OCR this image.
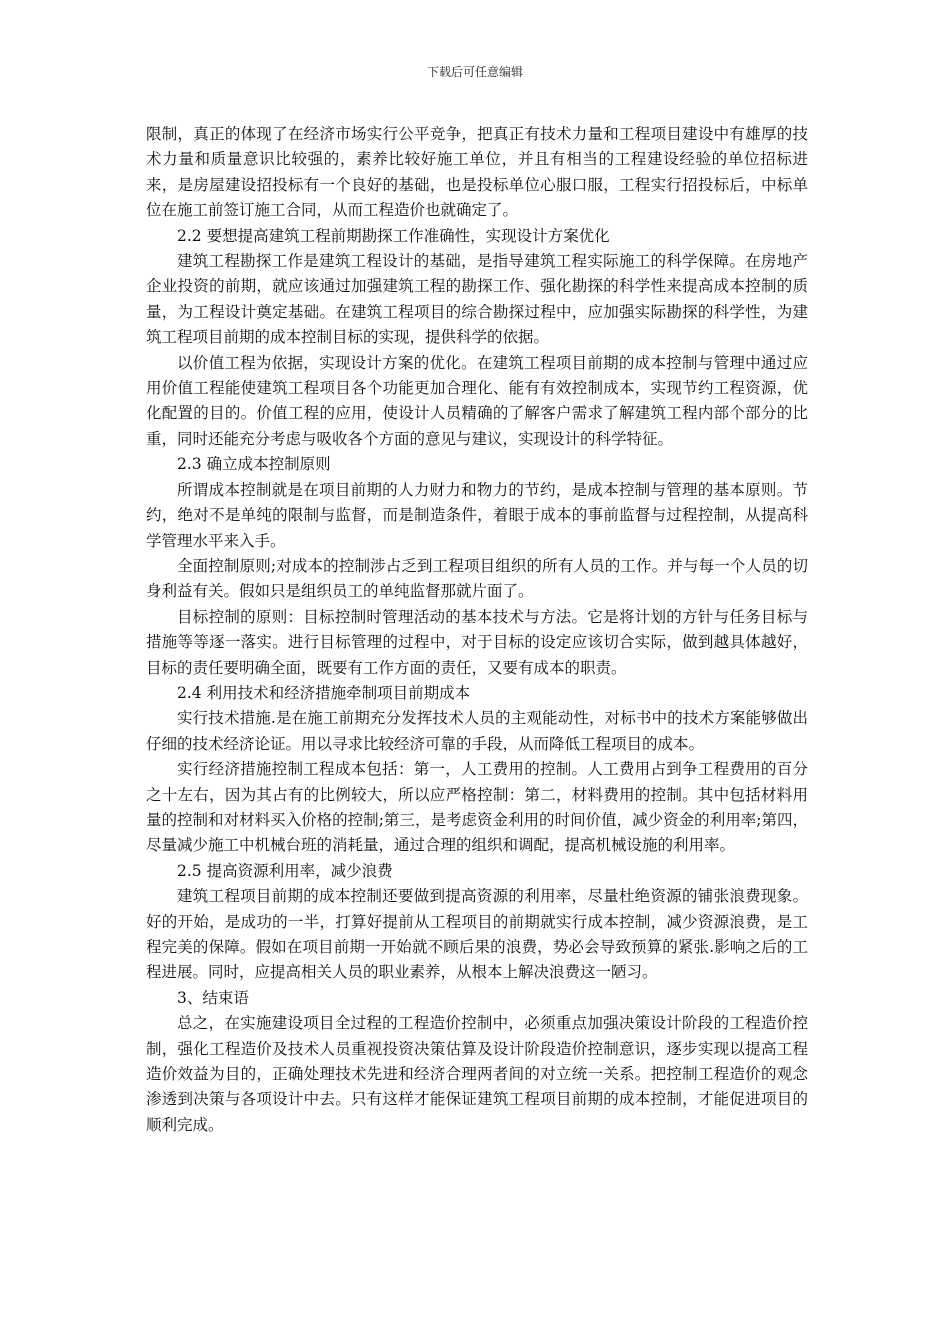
下载后可任意编辑

限制，真正的体现了在经济市场实行公平竞争，把真正有技术力量和工程项目建设中有雄厚的技术力量和质量意识比较强的，素养比较好施工单位，并且有相当的工程建设经验的单位招标进来，是房屋建设招投标有一个良好的基础，也是投标单位心服口服，工程实行招投标后，中标单位在施工前签订施工合同，从而工程造价也就确定了。

2.2 要想提高建筑工程前期勘探工作准确性，实现设计方案优化

建筑工程勘探工作是建筑工程设计的基础，是指导建筑工程实际施工的科学保障。在房地产企业投资的前期，就应该通过加强建筑工程的勘探工作、强化勘探的科学性来提高成本控制的质量，为工程设计奠定基础。在建筑工程项目的综合勘探过程中，应加强实际勘探的科学性，为建筑工程项目前期的成本控制目标的实现，提供科学的依据。

以价值工程为依据，实现设计方案的优化。在建筑工程项目前期的成本控制与管理中通过应用价值工程能使建筑工程项目各个功能更加合理化、能有有效控制成本，实现节约工程资源，优化配置的目的。价值工程的应用，使设计人员精确的了解客户需求了解建筑工程内部个部分的比重，同时还能充分考虑与吸收各个方面的意见与建议，实现设计的科学特征。

2.3 确立成本控制原则

所谓成本控制就是在项目前期的人力财力和物力的节约，是成本控制与管理的基本原则。节约，绝对不是单纯的限制与监督，而是制造条件，着眼于成本的事前监督与过程控制，从提高科学管理水平来入手。

全面控制原则;对成本的控制涉占乏到工程项目组织的所有人员的工作。并与每一个人员的切身利益有关。假如只是组织员工的单纯监督那就片面了。

目标控制的原则：目标控制时管理活动的基本技术与方法。它是将计划的方针与任务目标与措施等等逐一落实。进行目标管理的过程中，对于目标的设定应该切合实际，做到越具体越好，目标的责任要明确全面，既要有工作方面的责任，又要有成本的职责。

2.4 利用技术和经济措施牵制项目前期成本

实行技术措施.是在施工前期充分发挥技术人员的主观能动性，对标书中的技术方案能够做出仔细的技术经济论证。用以寻求比较经济可靠的手段，从而降低工程项目的成本。

实行经济措施控制工程成本包括：第一，人工费用的控制。人工费用占到争工程费用的百分之十左右，因为其占有的比例较大，所以应严格控制：第二，材料费用的控制。其中包括材料用量的控制和对材料买入价格的控制;第三，是考虑资金利用的时间价值，减少资金的利用率;第四，尽量减少施工中机械台班的消耗量，通过合理的组织和调配，提高机械设施的利用率。

2.5 提高资源利用率，减少浪费

建筑工程项目前期的成本控制还要做到提高资源的利用率，尽量杜绝资源的铺张浪费现象。好的开始，是成功的一半，打算好提前从工程项目的前期就实行成本控制，减少资源浪费，是工程完美的保障。假如在项目前期一开始就不顾后果的浪费，势必会导致预算的紧张.影响之后的工程进展。同时，应提高相关人员的职业素养，从根本上解决浪费这一陋习。

3、结束语

总之，在实施建设项目全过程的工程造价控制中，必须重点加强决策设计阶段的工程造价控制，强化工程造价及技术人员重视投资决策估算及设计阶段造价控制意识，逐步实现以提高工程造价效益为目的，正确处理技术先进和经济合理两者间的对立统一关系。把控制工程造价的观念渗透到决策与各项设计中去。只有这样才能保证建筑工程项目前期的成本控制，才能促进项目的顺利完成。
